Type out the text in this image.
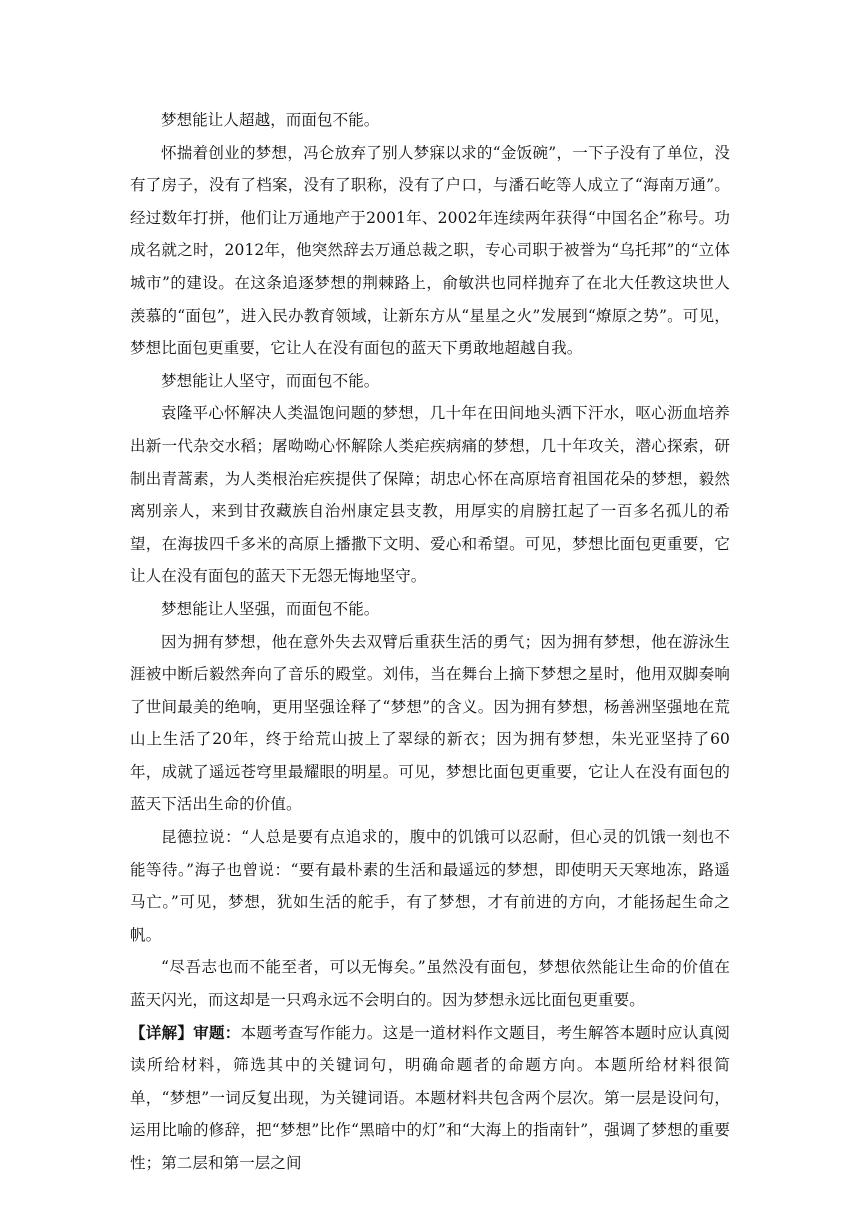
梦想能让人超越，而面包不能。

怀揣着创业的梦想，冯仑放弃了别人梦寐以求的“金饭碗”，一下子没有了单位，没有了房子，没有了档案，没有了职称，没有了户口，与潘石屹等人成立了“海南万通”。经过数年打拼，他们让万通地产于2001年、2002年连续两年获得“中国名企”称号。功成名就之时，2012年，他突然辞去万通总裁之职，专心司职于被誉为“乌托邦”的“立体城市”的建设。在这条追逐梦想的荆棘路上，俞敏洪也同样抛弃了在北大任教这块世人羡慕的“面包”，进入民办教育领域，让新东方从“星星之火”发展到“燎原之势”。可见，梦想比面包更重要，它让人在没有面包的蓝天下勇敢地超越自我。

梦想能让人坚守，而面包不能。

袁隆平心怀解决人类温饱问题的梦想，几十年在田间地头洒下汗水，呕心沥血培养出新一代杂交水稻；屠呦呦心怀解除人类疟疾病痛的梦想，几十年攻关，潜心探索，研制出青蒿素，为人类根治疟疾提供了保障；胡忠心怀在高原培育祖国花朵的梦想，毅然离别亲人，来到甘孜藏族自治州康定县支教，用厚实的肩膀扛起了一百多名孤儿的希望，在海拔四千多米的高原上播撒下文明、爱心和希望。可见，梦想比面包更重要，它让人在没有面包的蓝天下无怨无悔地坚守。

梦想能让人坚强，而面包不能。

因为拥有梦想，他在意外失去双臂后重获生活的勇气；因为拥有梦想，他在游泳生涯被中断后毅然奔向了音乐的殿堂。刘伟，当在舞台上摘下梦想之星时，他用双脚奏响了世间最美的绝响，更用坚强诠释了“梦想”的含义。因为拥有梦想，杨善洲坚强地在荒山上生活了20年，终于给荒山披上了翠绿的新衣；因为拥有梦想，朱光亚坚持了60年，成就了遥远苍穹里最耀眼的明星。可见，梦想比面包更重要，它让人在没有面包的蓝天下活出生命的价值。

昆德拉说：“人总是要有点追求的，腹中的饥饿可以忍耐，但心灵的饥饿一刻也不能等待。”海子也曾说：“要有最朴素的生活和最遥远的梦想，即使明天天寒地冻，路遥马亡。”可见，梦想，犹如生活的舵手，有了梦想，才有前进的方向，才能扬起生命之帆。

“尽吾志也而不能至者，可以无悔矣。”虽然没有面包，梦想依然能让生命的价值在蓝天闪光，而这却是一只鸡永远不会明白的。因为梦想永远比面包更重要。

【详解】审题：本题考查写作能力。这是一道材料作文题目，考生解答本题时应认真阅读所给材料，筛选其中的关键词句，明确命题者的命题方向。本题所给材料很简单，“梦想”一词反复出现，为关键词语。本题材料共包含两个层次。第一层是设问句，运用比喻的修辞，把“梦想”比作“黑暗中的灯”和“大海上的指南针”，强调了梦想的重要性；第二层和第一层之间
